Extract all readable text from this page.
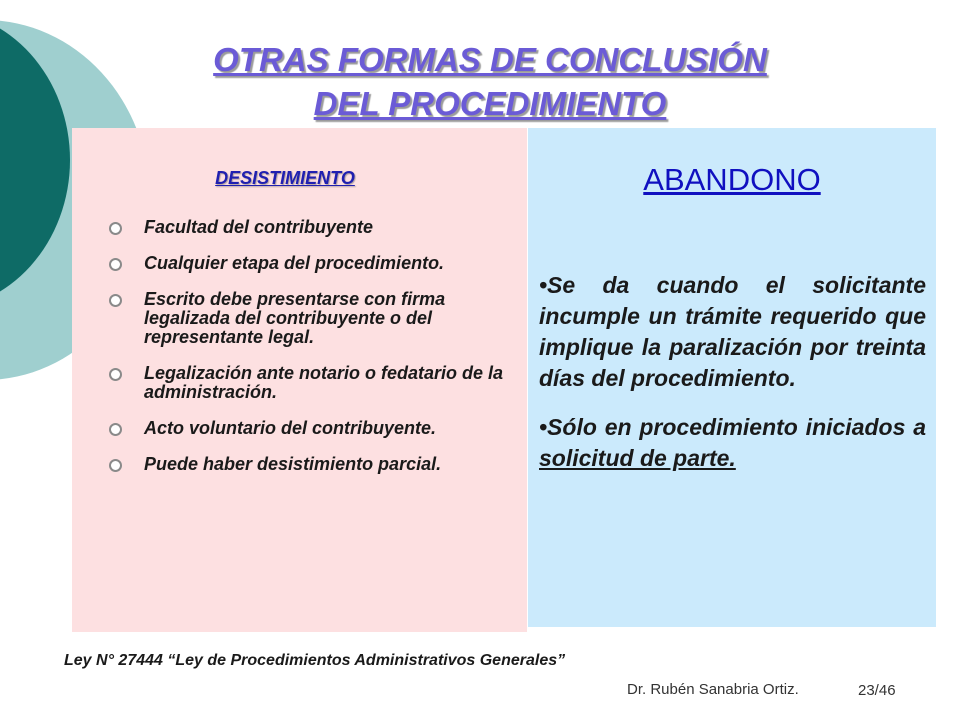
OTRAS FORMAS DE CONCLUSIÓN
DEL PROCEDIMIENTO
DESISTIMIENTO
Facultad del contribuyente
Cualquier etapa del procedimiento.
Escrito debe presentarse con firma legalizada del contribuyente o del representante legal.
Legalización ante notario o fedatario de la administración.
Acto voluntario del contribuyente.
Puede haber desistimiento parcial.
ABANDONO

•Se da cuando el solicitante incumple un trámite requerido que implique la paralización por treinta días del procedimiento.

•Sólo en procedimiento iniciados a solicitud de parte.

Ley N° 27444 “Ley de Procedimientos Administrativos Generales”
Dr. Rubén Sanabria Ortiz.	23/46
